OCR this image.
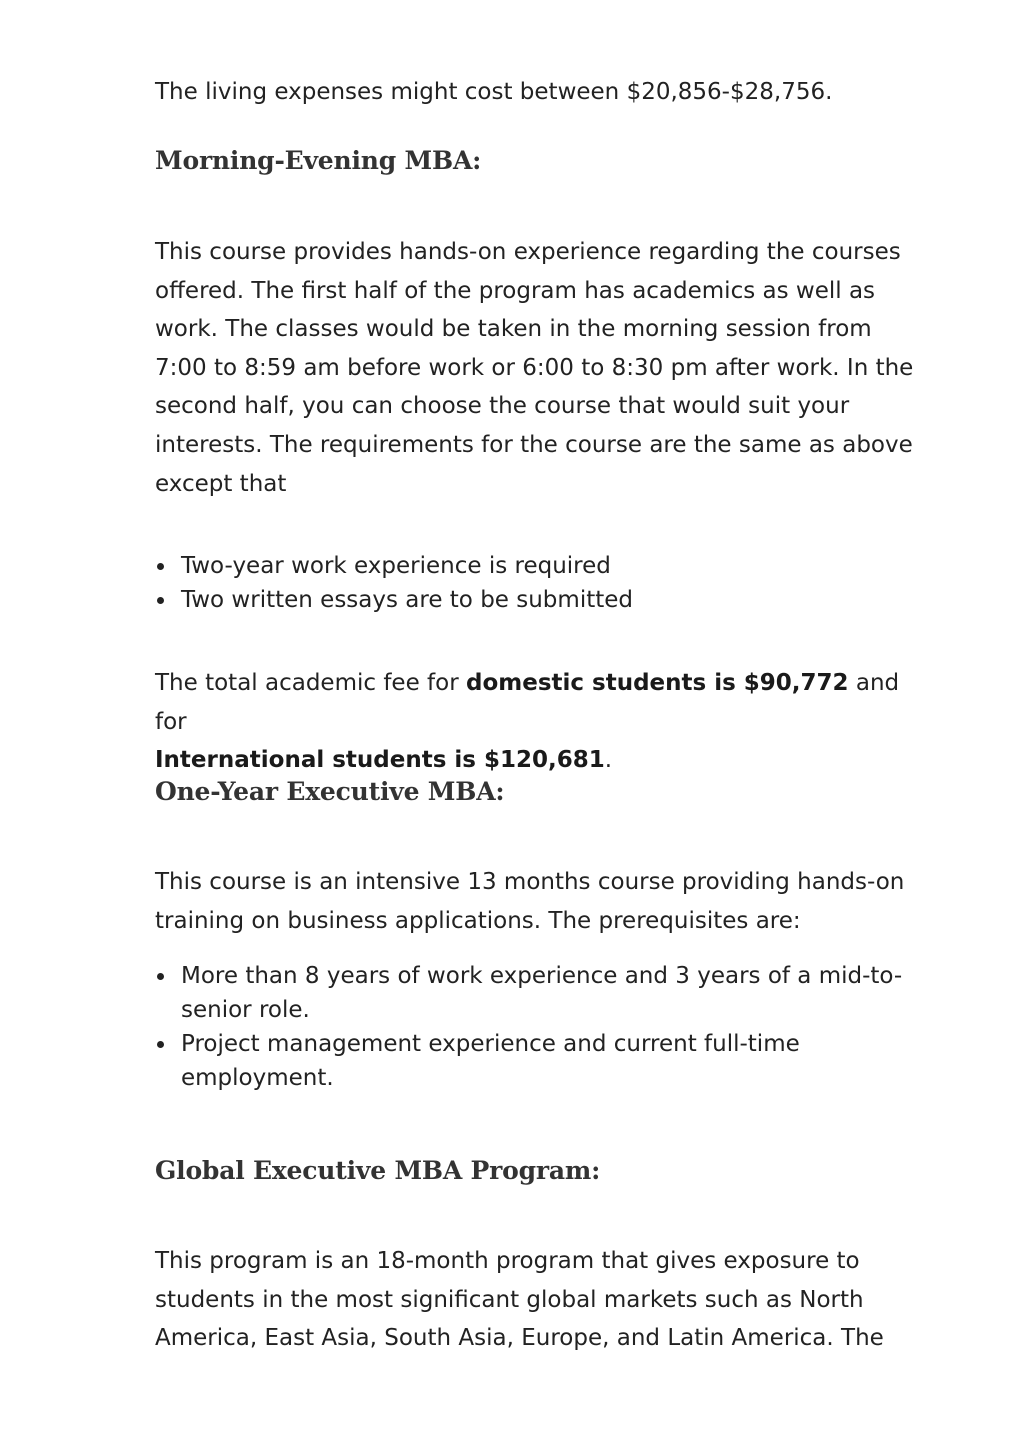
The living expenses might cost between $20,856-$28,756.

Morning-Evening MBA:

This course provides hands-on experience regarding the courses offered. The first half of the program has academics as well as work. The classes would be taken in the morning session from 7:00 to 8:59 am before work or 6:00 to 8:30 pm after work. In the second half, you can choose the course that would suit your interests. The requirements for the course are the same as above except that

Two-year work experience is required
Two written essays are to be submitted

The total academic fee for domestic students is $90,772 and for
International students is $120,681.

One-Year Executive MBA:

This course is an intensive 13 months course providing hands-on training on business applications. The prerequisites are:

More than 8 years of work experience and 3 years of a mid-to-senior role.
Project management experience and current full-time employment.
Global Executive MBA Program:

This program is an 18-month program that gives exposure to students in the most significant global markets such as North America, East Asia, South Asia, Europe, and Latin America. The
